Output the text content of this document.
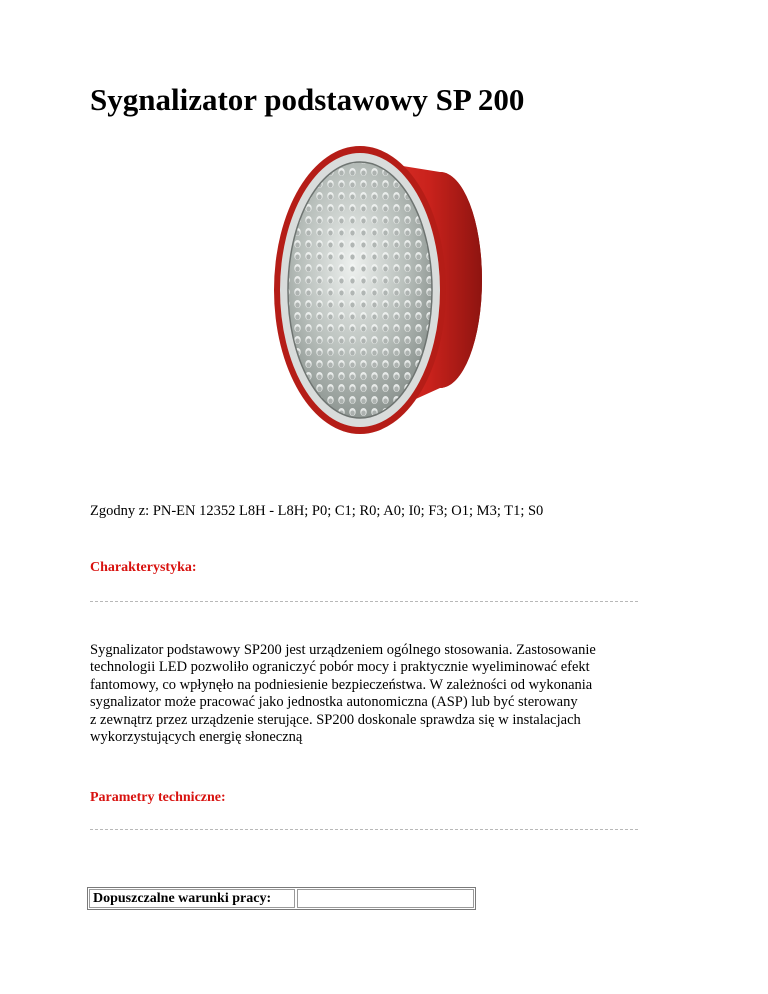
Sygnalizator podstawowy SP 200

Zgodny z: PN-EN 12352 L8H - L8H; P0; C1; R0; A0; I0; F3; O1; M3; T1; S0

Charakterystyka:

Sygnalizator podstawowy SP200 jest urządzeniem ogólnego stosowania. Zastosowanie
technologii LED pozwoliło ograniczyć pobór mocy i praktycznie wyeliminować efekt
fantomowy, co wpłynęło na podniesienie bezpieczeństwa. W zależności od wykonania
sygnalizator może pracować jako jednostka autonomiczna (ASP) lub być sterowany
z zewnątrz przez urządzenie sterujące. SP200 doskonale sprawdza się w instalacjach
wykorzystujących energię słoneczną

Parametry techniczne:
Dopuszczalne warunki pracy:
